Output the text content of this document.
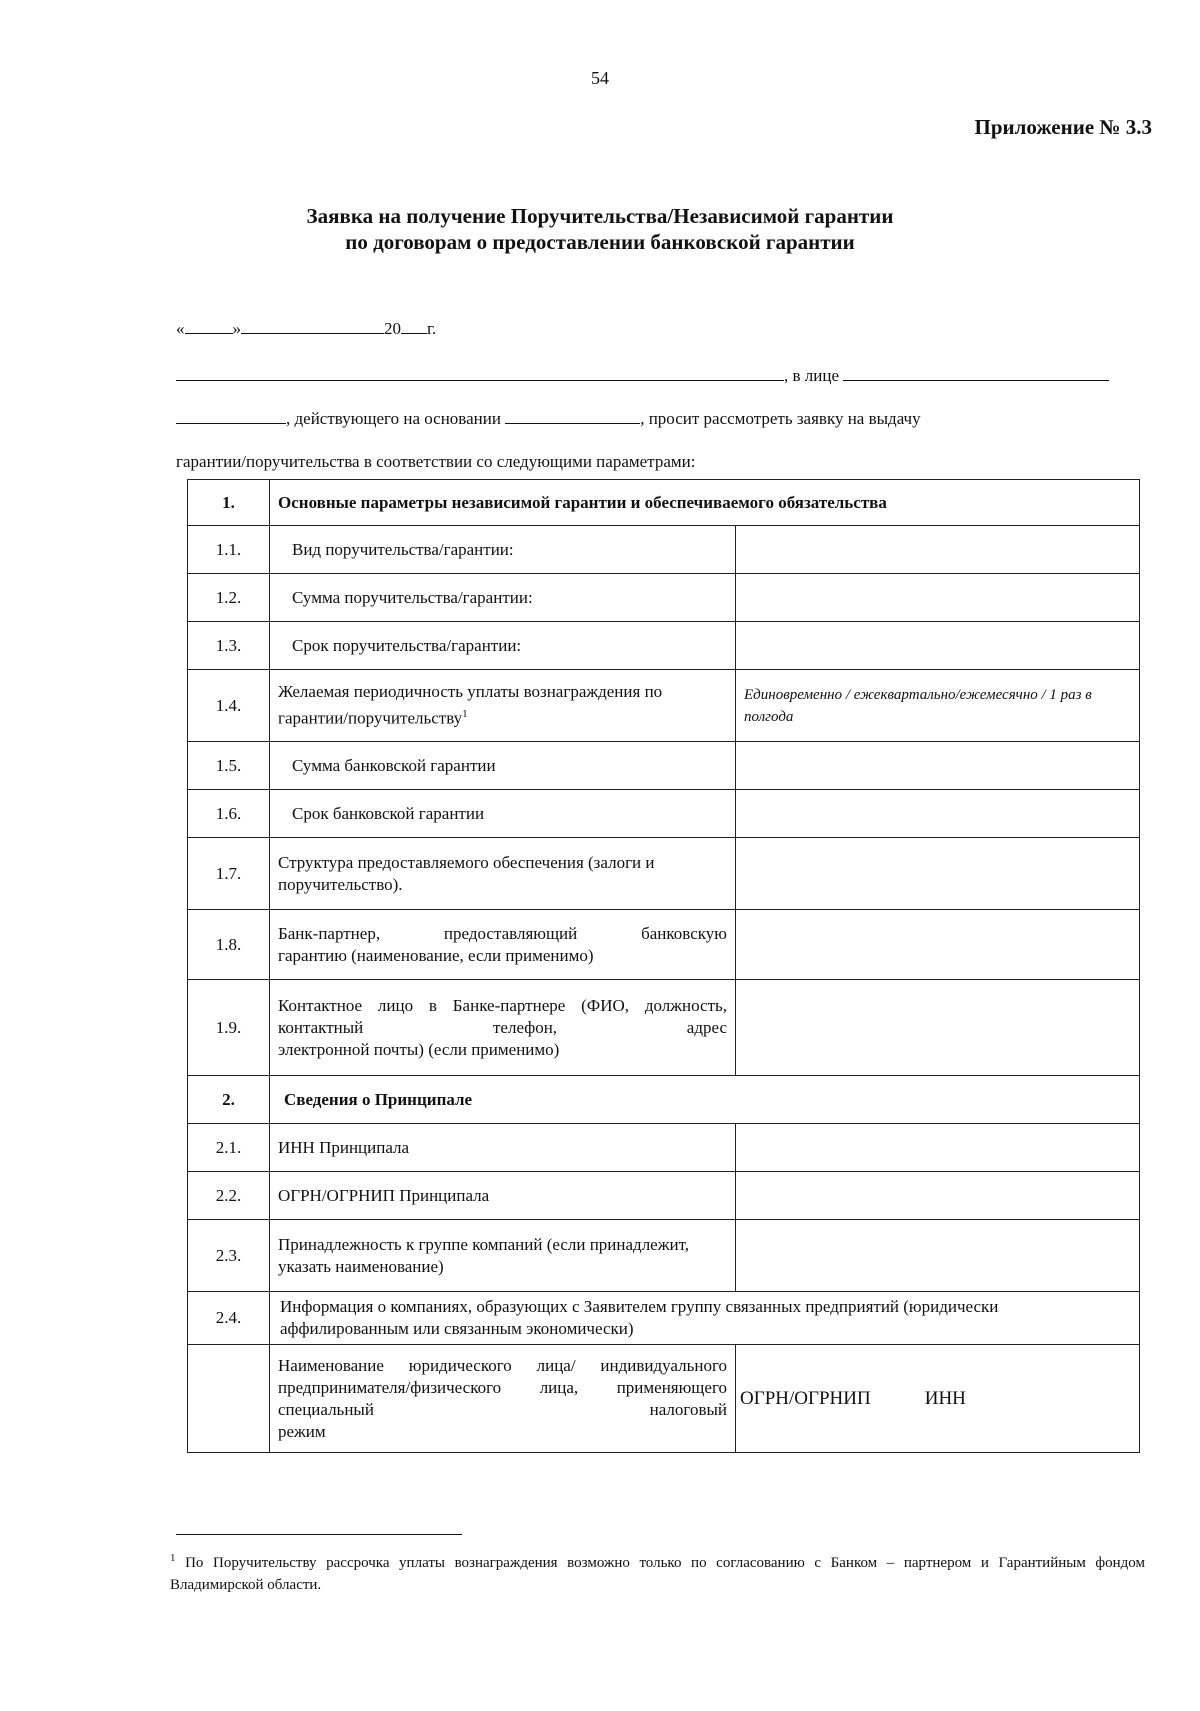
54
Приложение № 3.3
Заявка на получение Поручительства/Независимой гарантии
по договорам о предоставлении банковской гарантии
«	»	20 г.
, в лице
, действующего на основании	, просит рассмотреть заявку на выдачу
гарантии/поручительства в соответствии со следующими параметрами:
1.	Основные параметры независимой гарантии и обеспечиваемого обязательства	
1.1.	Вид поручительства/гарантии:	
1.2.	Сумма поручительства/гарантии:	
1.3.	Срок поручительства/гарантии:	
1.4.	Желаемая периодичность уплаты вознаграждения по гарантии/поручительству$^1$	Единовременно / ежеквартально/ежемесячно / 1 раз в полгода
1.5.	Сумма банковской гарантии	
1.6.	Срок банковской гарантии	
1.7.	Структура предоставляемого обеспечения (залоги и поручительство).	
1.8.	Банк-партнер, предоставляющий банковскую
гарантию (наименование, если применимо)	

1.9.	Контактное лицо в Банке-партнере (ФИО, должность, контактный телефон, адрес
электронной почты) (если применимо)	

2.	Сведения о Принципале	
2.1.	ИНН Принципала	
2.2.	ОГРН/ОГРНИП Принципала	
2.3.	Принадлежность к группе компаний (если принадлежит, указать наименование)	
2.4.	Информация о компаниях, образующих с Заявителем группу связанных предприятий (юридически аффилированным или связанным экономически)	
	Наименование юридического лица/ индивидуального предпринимателя/физического лица, применяющего специальный налоговый
режим	ОГРН/ОГРНИП ИНН
$^1$ По Поручительству рассрочка уплаты вознаграждения возможно только по согласованию с Банком – партнером и Гарантийным фондом Владимирской области.
